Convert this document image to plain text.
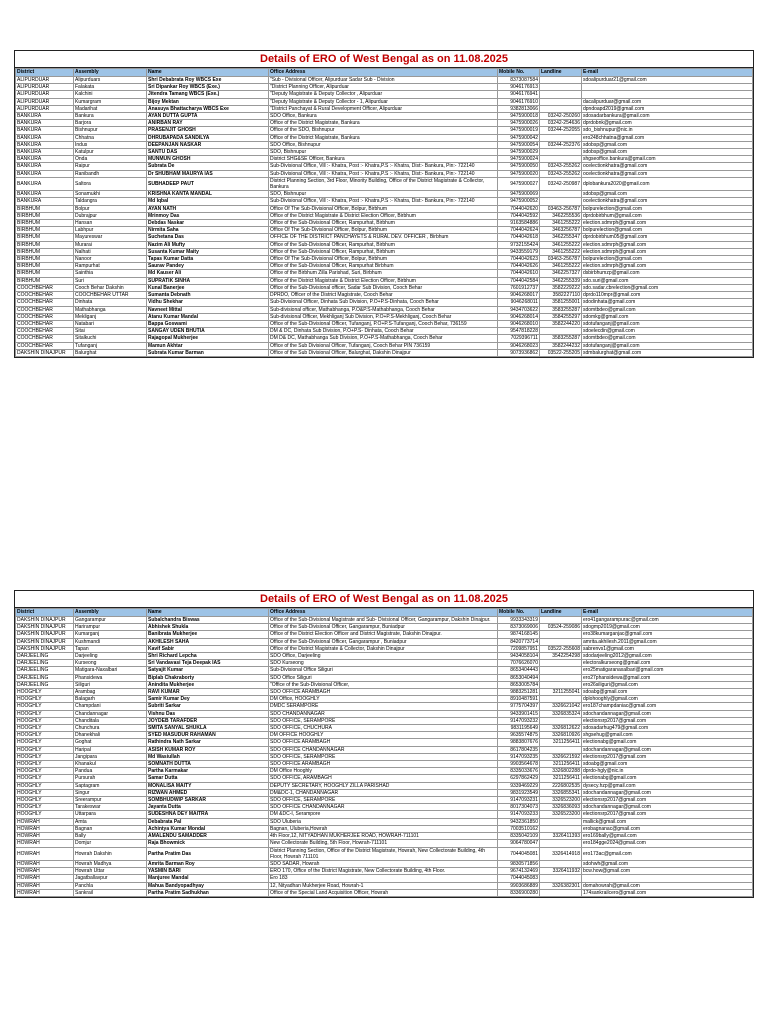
Details of ERO of West Bengal as on 11.08.2025
District	Assembly	Name	Office Address	Mobile No.	Landline	E-mail
ALIPURDUAR	Alipurduars	Shri Debabrata Roy WBCS Exe	"Sub - Divisional Officer, Alipurduar Sadar Sub - Division	8373087584		sdoalipurduar21@gmail.com
ALIPURDUAR	Falakata	Sri Dipankar Roy WBCS (Exe.)	"District Planning Officer, Alipurduar	9046176913		
ALIPURDUAR	Kalchini	Jitendra Tamang WBCS (Exe.)	"Deputy Magistrate & Deputy Collector , Alipurduar	9046176941		
ALIPURDUAR	Kumargram	Bijoy Mektan	"Deputy Magistrate & Deputy Collector - 1, Alipurduar	9046176910		dacalipurduar@gmail.com
ALIPURDUAR	Madarihat	Anasuya Bhattacharya WBCS Exe	"District Panchayat & Rural Development Officer, Alipurduar	9382813066		dpndoapd2019@gmail.com
BANKURA	Bankura	AYAN DUTTA GUPTA	SDO Office, Bankura	9475900018	03242-250260	sdosadarbankura@gmail.com
BANKURA	Barjora	ANIRBAN RAY	Office of the District Magistrate, Bankura	9475900026	03242-254636	dprdobnk@gmail.com
BANKURA	Bishnupur	PRASENJIT GHOSH	Office of the SDO, Bishnupur	9475900019	03244-252055	sdo_bishnupur@nic.in
BANKURA	Chhatna	DHRUBAPADA SANDILYA	Office of the District Magistrate, Bankura	9475900042		ero248chhatna@gmail.com
BANKURA	Indus	DEEPANJAN NASKAR	SDO Office, Bishnupur	9475900054	03244-252376	sdobsp@gmail.com
BANKURA	Katulpur	SANTU DAS	SDO, Bishnupur	9475900029		sdobsp@gmail.com
BANKURA	Onda	MUNMUN GHOSH	District SHG&SE Officer, Bankura	9475900024		shgseoffice.bankura@gmail.com
BANKURA	Raipur	Subrata De	Sub-Divisional Office, Vill :- Khatra, Post :- Khatra,P.S :- Khatra, Dist:- Bankura, Pin:- 722140	9475900050	03243-255262	ocelectionkhatra@gmail.com
BANKURA	Ranibandh	Dr SHUBHAM MAURYA IAS	Sub-Divisional Office, Vill :- Khatra, Post :- Khatra,P.S :- Khatra, Dist:- Bankura, Pin:- 722140	9475900020	03243-255262	ocelectionkhatra@gmail.com
BANKURA	Saltora	SUBHADEEP PAUT	District Planning Section, 3rd Floor, Minority Building, Office of the District Magistrate & Collector, Bankura	9475900027	03242-250987	dplobankura2020@gmail.com
BANKURA	Sonamukhi	KRISHNA KANTA MANDAL	SDO, Bishnupur	9475900069		sdobsp@gmail.com
BANKURA	Taldangra	Md Iqbal	Sub-Divisional Office, Vill :- Khatra, Post :- Khatra,P.S :- Khatra, Dist:- Bankura, Pin:- 722140	9475900052		ocelectionkhatra@gmail.com
BIRBHUM	Bolpur	AYAN NATH	Office Of The Sub-Divisional Officer, Bolpur, Birbhum	7044042620	03463-256787	bolpurelection@gmail.com
BIRBHUM	Dubrajpur	Mrinmoy Das	Office of the District Magistrate & District Election Officer, Birbhum	7044042592	3462255536	dprdobirbhum@gmail.com
BIRBHUM	Hansan	Debdas Naskar	Office of the Sub-Divisional Officer, Rampurhat, Birbhum	9163584886	3461255222	election.sdmrph@gmail.com
BIRBHUM	Labhpur	Nirmita Saha	Office Of The Sub-Divisional Officer, Bolpur, Birbhum	7044042624	3463256787	bolpurelection@gmail.com
BIRBHUM	Mayureswar	Suchetana Das	OFFICE OF THE DISTRICT PANCHAYETS & RURAL DEV. OFFICER , Birbhum	7044042618	3462255347	dprdobirbhum05@gmail.com
BIRBHUM	Murarai	Nazim Ali Mufty	Office of the Sub-Divisional Officer, Rampurhat, Birbhum	9732155424	3461255222	election.sdmrph@gmail.com
BIRBHUM	Nalhati	Susanta Kumar Maity	Office of the Sub-Divisional Officer, Rampurhat, Birbhum	9433559179	3461255222	election.sdmrph@gmail.com
BIRBHUM	Nanoor	Tapas Kumar Datta	Office Of The Sub-Divisional Officer, Bolpur, Birbhum	7044042623	03463-256787	bolpurelection@gmail.com
BIRBHUM	Rampurhat	Saurav Pandey	Office of the Sub-Divisional Officer, Rampurhat Birbhum	7044042626	3461255222	election.sdmrph@gmail.com
BIRBHUM	Sainthia	Md Kauser Ali	Office of the Birbhum Zilla Parishad, Suri, Birbhum	7044042610	3462257327	dsbirbhumzp@gmail.com
BIRBHUM	Suri	SUPRATIK SINHA	Office of the District Magistrate & District Election Officer, Birbhum	7044042584	3462255339	sdo.suri@gmail.com
COOCHBEHAR	Cooch Behar Dakshin	Kunal Banerjee	Office of the Sub-Divisional officer, Sadar Sub Division, Cooch Behar	7601912737	3582229222	sdo.sadar.cbrelection@gmail.com
COOCHBEHAR	COOCHBEHAR UTTAR	Sumanta Debnath	DPRDO, Officer of the District Magistrate, Cooch Behar	9046268017	3582227110	dprdo110mpr@gmail.com
COOCHBEHAR	Dinhata	Vidhu Shekhar	Sub-Divisional Officer, Dinhata Sub Division, P.O+P.S-Dinhata, Cooch Behar	9046268011	3581255001	sdodinhata@gmail.com
COOCHBEHAR	Mathabhanga	Navneet Mittal	Sub-divisional officer, Mathabhanga, P.O&P.S-Mathabhanga, Cooch Behar	9434703622	3583255287	sdomtbdeo@gmail.com
COOCHBEHAR	Mekliganj	Atanu Kumar Mandal	Sub-divisional Officer, Mekhliganj Sub Division, P.O+P.S-Mekhliganj, Cooch Behar	9046268014	3584255297	sdomkg@gmail.com
COOCHBEHAR	Natabari	Bappa Goswami	Office of the Sub-Divisional Officer, Tufanganj, P.O+P.S-Tufanganj, Cooch Behar, 736159	9046268010	3582244220	sdotufanganj@gmail.com
COOCHBEHAR	Sitai	SANGAY UDEN BHUTIA	DM & DC, Dinhata Sub Division, P.O+P.S- Dinhata, Cooch Behar	9547818228		sdoelecdin@gmail.com
COOCHBEHAR	Sitalkuchi	Rajagopal Mukherjee	DM D& DC, Mathabhanga Sub Division, P.O+P.S-Mathabhanga, Cooch Behar	7029396711	3583255287	sdomtbdeo@gmail.com
COOCHBEHAR	Tufanganj	Mamun Akhtar	Office of the Sub Divisional Officer, Tufanganj, Cooch Behar PIN 736159	9046268023	3582244232	sdotufanganj@gmail.com
DAKSHIN DINAJPUR	Balurghat	Subrata Kumar Barman	Office of the Sub Divisional Officer, Balurghat, Dakshin Dinajpur	9073936862	03522-255205	sdmbalurghat@gmail.com
Details of ERO of West Bengal as on 11.08.2025
District	Assembly	Name	Office Address	Mobile No.	Landline	E-mail
DAKSHIN DINAJPUR	Gangarampur	Subalchandra Biswas	Office of the Sub-Divisional Magistrate and Sub- Divisional Officer, Gangarampur, Dakshin Dinajpur.	9933343319		ero41gangarampurac@gmail.com
DAKSHIN DINAJPUR	Harirampur	Abhishek Shukla	Office of the Sub-Divisional Officer, Gangarampur, Buniadpur	8373069006	03524-259086	sdogmp2019@gmail.com
DAKSHIN DINAJPUR	Kumarganj	Banibrata Mukherjee	Office of the District Election Officer and District Magistrate, Dakshin Dinajpur.	9874168145		ero38kumarganjac@gmail.com
DAKSHIN DINAJPUR	Kushmandi	AKHILESH SAHA	Office of the Sub-Divisional Officer, Gangarampur , Buniadpur	8420773714		amrita.akhilesh.2011@gmail.com
DAKSHIN DINAJPUR	Tapan	Kavif Sabir	Office of the District Magistrate & Collector, Dakshin Dinajpur	7209857951	03522-255608	sabrenvs1@gmail.com
DARJEELING	Darjeeling	Shri Richard Lepcha	SDO Office, Darjeeling	9434058104	3542254298	sdodarjeeling2012@gmail.com
DARJEELING	Kurseong	Sri Vandavasi Teja Deepak IAS	SDO Kurseong	7076626070		electoralkurseong@gmail.com
DARJEELING	Matigara-Naxalbari	Satyajit Kumar	Sub-Divisional Office Siliguri	8653404443		ero25matigaranaxalbari@gmail.com
DARJEELING	Phansidewa	Biplab Chakraborty	SDO Office Siliguri	8653040494		ero27phansidewa@gmail.com
DARJEELING	Siliguri	Anindita Mukherjee	"Office of the Sub-Divisional Officer,	8653005784		ero26siliguri@gmail.com
HOOGHLY	Arambag	RAVI KUMAR	SDO OFFICE ARAMBAGH	9883251281	3211255041	sdoabg@gmail.com
HOOGHLY	Balagarh	Samir Kumar Dey	DM Office, HOOGHLY	8910487591		dplohooghly@gmail.com
HOOGHLY	Champdani	Subriti Sarkar	DMDC SERAMPORE	9775704397	3326621042	ero187champdaniac@gmail.com
HOOGHLY	Chandannagar	Vishnu Das	SDO CHANDANNAGAR	9433901415	3326835324	sdochandannagar@gmail.com
HOOGHLY	Chanditala	JOYDEB TARAFDER	SDO OFFICE, SERAMPORE	9147093232		electionsrp2017@gmail.com
HOOGHLY	Chunchura	SMITA SANYAL SHUKLA	SDO OFFICE, CHUCHURA	9831195649	3326812622	sdosadarhug479@gmail.com
HOOGHLY	Dhanekhali	SYED MASUDUR RAHAMAN	DM OFFICE HOOGHLY	9635574875	3326810926	shgsehug@gmail.com
HOOGHLY	Goghat	Rathindra Nath Sarkar	SDO OFFICE ARAMBAGH	9883807676	3211256411	electionabg@gmail.com
HOOGHLY	Haripal	ASISH KUMAR ROY	SDO OFFICE CHANDANNAGAR	8617804235		sdochandannagar@gmail.com
HOOGHLY	Jangipara	Md Wasiullah	SDO OFFICE, SERAMPORE	9147093235	3326621592	electionsrp2017@gmail.com
HOOGHLY	Khanakul	SOMNATH DUTTA	SDO OFFICE ARAMBAGH	9903564678	3211256411	sdoabg@gmail.com
HOOGHLY	Pandua	Partha Karmakar	DM Office Hooghly	8335033676	3326802288	dprdo-hgly@nic.in
HOOGHLY	Pursurah	Samar Dutta	SDO OFFICE, ARAMBAGH	6297862429	3211256411	electionabg@gmail.com
HOOGHLY	Saptagram	MONALISA MAITY	DEPUTY SECRETARY, HOOGHLY ZILLA PARISHAD	9339469229	2226802535	dysecy.hzp@gmail.com
HOOGHLY	Singur	RIZWAN AHMED	DM&DC-1, CHANDANNAGAR	9831923549	3326855341	sdochandannagar@gmail.com
HOOGHLY	Sreerampur	SOMBHUDWIP SARKAR	SDO OFFICE, SERAMPORE	9147093231	3326523200	electionsrp2017@gmail.com
HOOGHLY	Tarakeswar	Jayanta Dutta	SDO OFFICE CHANDANNAGAR	8017304073	3326836093	sdochandannagar@gmail.com
HOOGHLY	Uttarpara	SUDESHNA DEY MAITRA	DM &DC-I, Serampore	9147093233	3326523200	electionsrp2017@gmail.com
HOWRAH	Amta	Debabrata Pal	SDO Uluberia	9432361850		mallick@gmail.com
HOWRAH	Bagnan	Achintya Kumar Mondal	Bagnan, Uluberia,Howrah	7003510162		erobagnanac@gmail.com
HOWRAH	Bally	AMALENDU SAMADDER	4th Floor,12, NITYADHAN MUKHERJEE ROAD, HOWRAH-711101	8335042109	3326411393	ero169bally@gmail.com
HOWRAH	Domjur	Raja Bhowmick	New Collectorate Building, 5th Floor, Howrah-711101	9064780047		ero184gge2024@gmail.com
HOWRAH	Howrah Dakshin	Partha Pratim Das	District Planning Section, Office of the District Magistrate, Howrah, New Collectorate Building, 4th Floor, Howrah 711101	7044045081	3326414918	ero173ac@gmail.com
HOWRAH	Howrah Madhya	Amrita Barman Roy	SDO SADAR, Howrah	9830571856		sdohwh@gmail.com
HOWRAH	Howrah Uttar	YASMIN BARI	ERO 170, Office of the District Magistrate, New Collectorate Building, 4th Floor.	9674132469	3326411932	bcw.how@gmail.com
HOWRAH	Jagatballavpur	Manjuree Mandal	Ero 183	7044045083		
HOWRAH	Panchla	Mahua Bandyopadhyay	12, Nityadhan Mukherjee Road, Howrah-1	9903686889	3326382301	domahowrah@gmail.com
HOWRAH	Sankrail	Partha Pratim Sadhukhan	Office of the Special Land Acquisition Officer, Howrah	8336900280		174sankrailcero@gmail.com
